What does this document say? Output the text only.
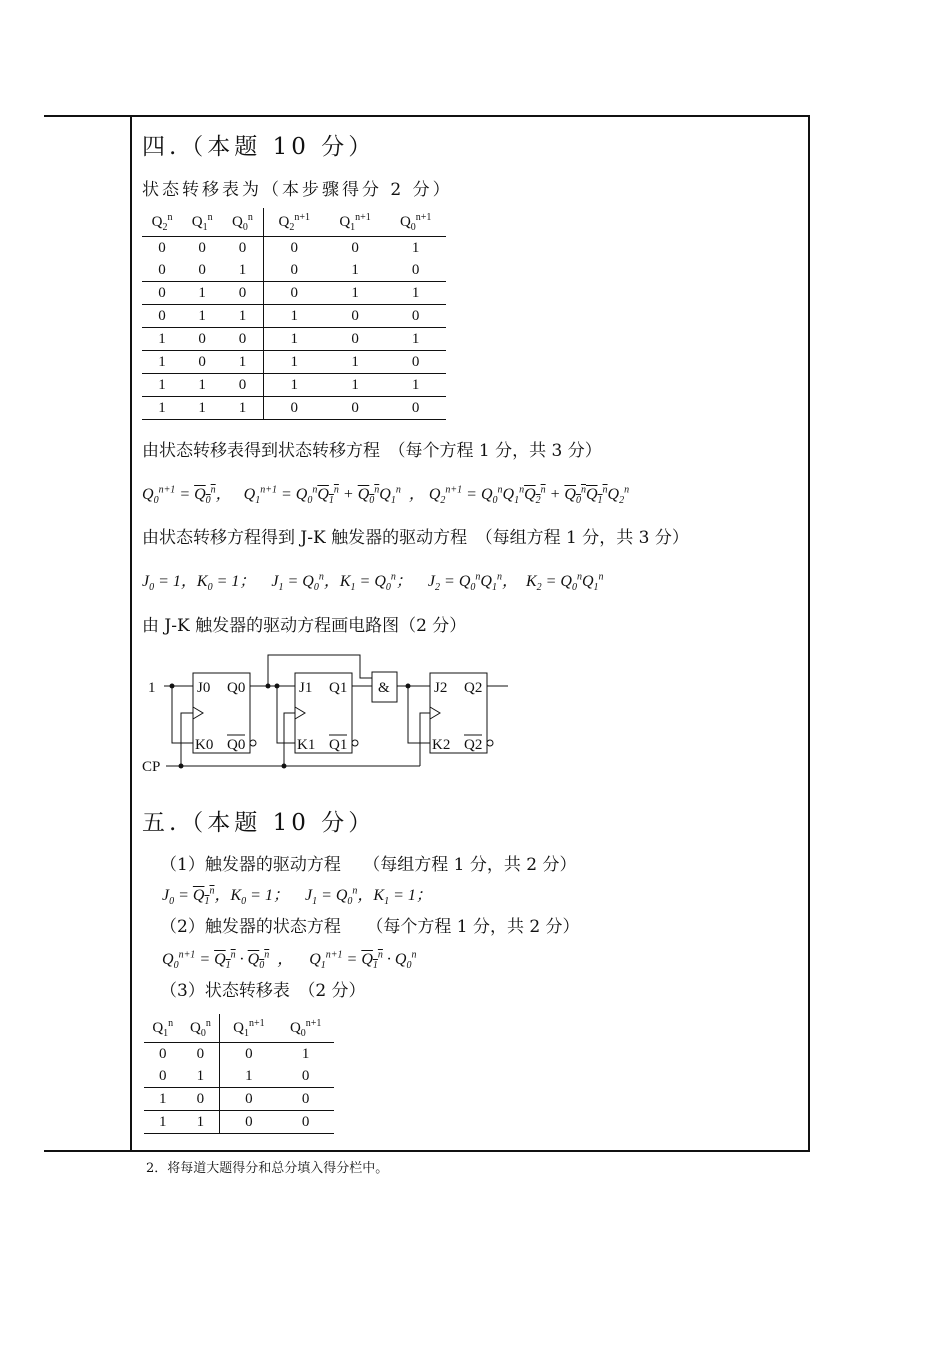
四.（本题 10 分）
状态转移表为（本步骤得分 2 分）
$Q_2^n$	$Q_1^n$	$Q_0^n$	$Q_2^{n+1}$	$Q_1^{n+1}$	$Q_0^{n+1}$
0	0	0	0	0	1
0	0	1	0	1	0
0	1	0	0	1	1
0	1	1	1	0	0
1	0	0	1	0	1
1	0	1	1	1	0
1	1	0	1	1	1
1	1	1	0	0	0
由状态转移表得到状态转移方程　（每个方程 1 分，共 3 分）
$Q_0^{n+1} = Q_0^n$，   $Q_1^{n+1} = Q_0^nQ_1^n + Q_0^nQ_1^n$  ， $Q_2^{n+1} = Q_0^nQ_1^nQ_2^n + Q_0^nQ_1^nQ_2^n$
由状态转移方程得到 J-K 触发器的驱动方程　（每组方程 1 分，共 3 分）
$J_0 = 1$，$K_0 = 1$；    $J_1 = Q_0^n$，$K_1 = Q_0^n$；    $J_2 = Q_0^nQ_1^n$，  $K_2 = Q_0^nQ_1^n$
由 J-K 触发器的驱动方程画电路图（2 分）
1
CP
&
J0 Q0
K0 Q0
J1 Q1
K1 Q1
J2 Q2
K2 Q2
五.（本题 10 分）
（1）触发器的驱动方程　 （每组方程 1 分，共 2 分）
$J_0 = Q_1^n$，$K_0 = 1$；    $J_1 = Q_0^n$，$K_1 = 1$；
（2）触发器的状态方程　　（每个方程 1 分，共 2 分）
$Q_0^{n+1} = Q_1^n \cdot Q_0^n$  ，    $Q_1^{n+1} = Q_1^n \cdot Q_0^n$
（3）状态转移表　（2 分）
$Q_1^n$	$Q_0^n$	$Q_1^{n+1}$	$Q_0^{n+1}$
0	0	0	1
0	1	1	0
1	0	0	0
1	1	0	0
2．将每道大题得分和总分填入得分栏中。
